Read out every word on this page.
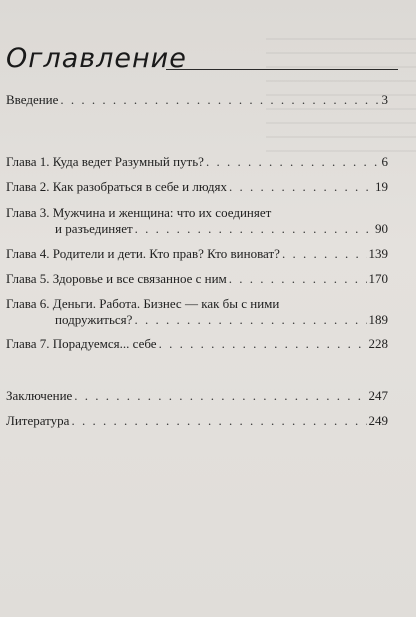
Оглавление
Введение . . .	3
Глава 1. Куда ведет Разумный путь? . . .	6
Глава 2. Как разобраться в себе и людях . . .	19
Глава 3. Мужчина и женщина: что их соединяет
и разъединяет . . .	90
Глава 4. Родители и дети. Кто прав? Кто виноват? . . .	139
Глава 5. Здоровье и все связанное с ним . . .	170
Глава 6. Деньги. Работа. Бизнес — как бы с ними
подружиться? . . .	189
Глава 7. Порадуемся... себе . . .	228
Заключение . . .	247
Литература . . .	249
